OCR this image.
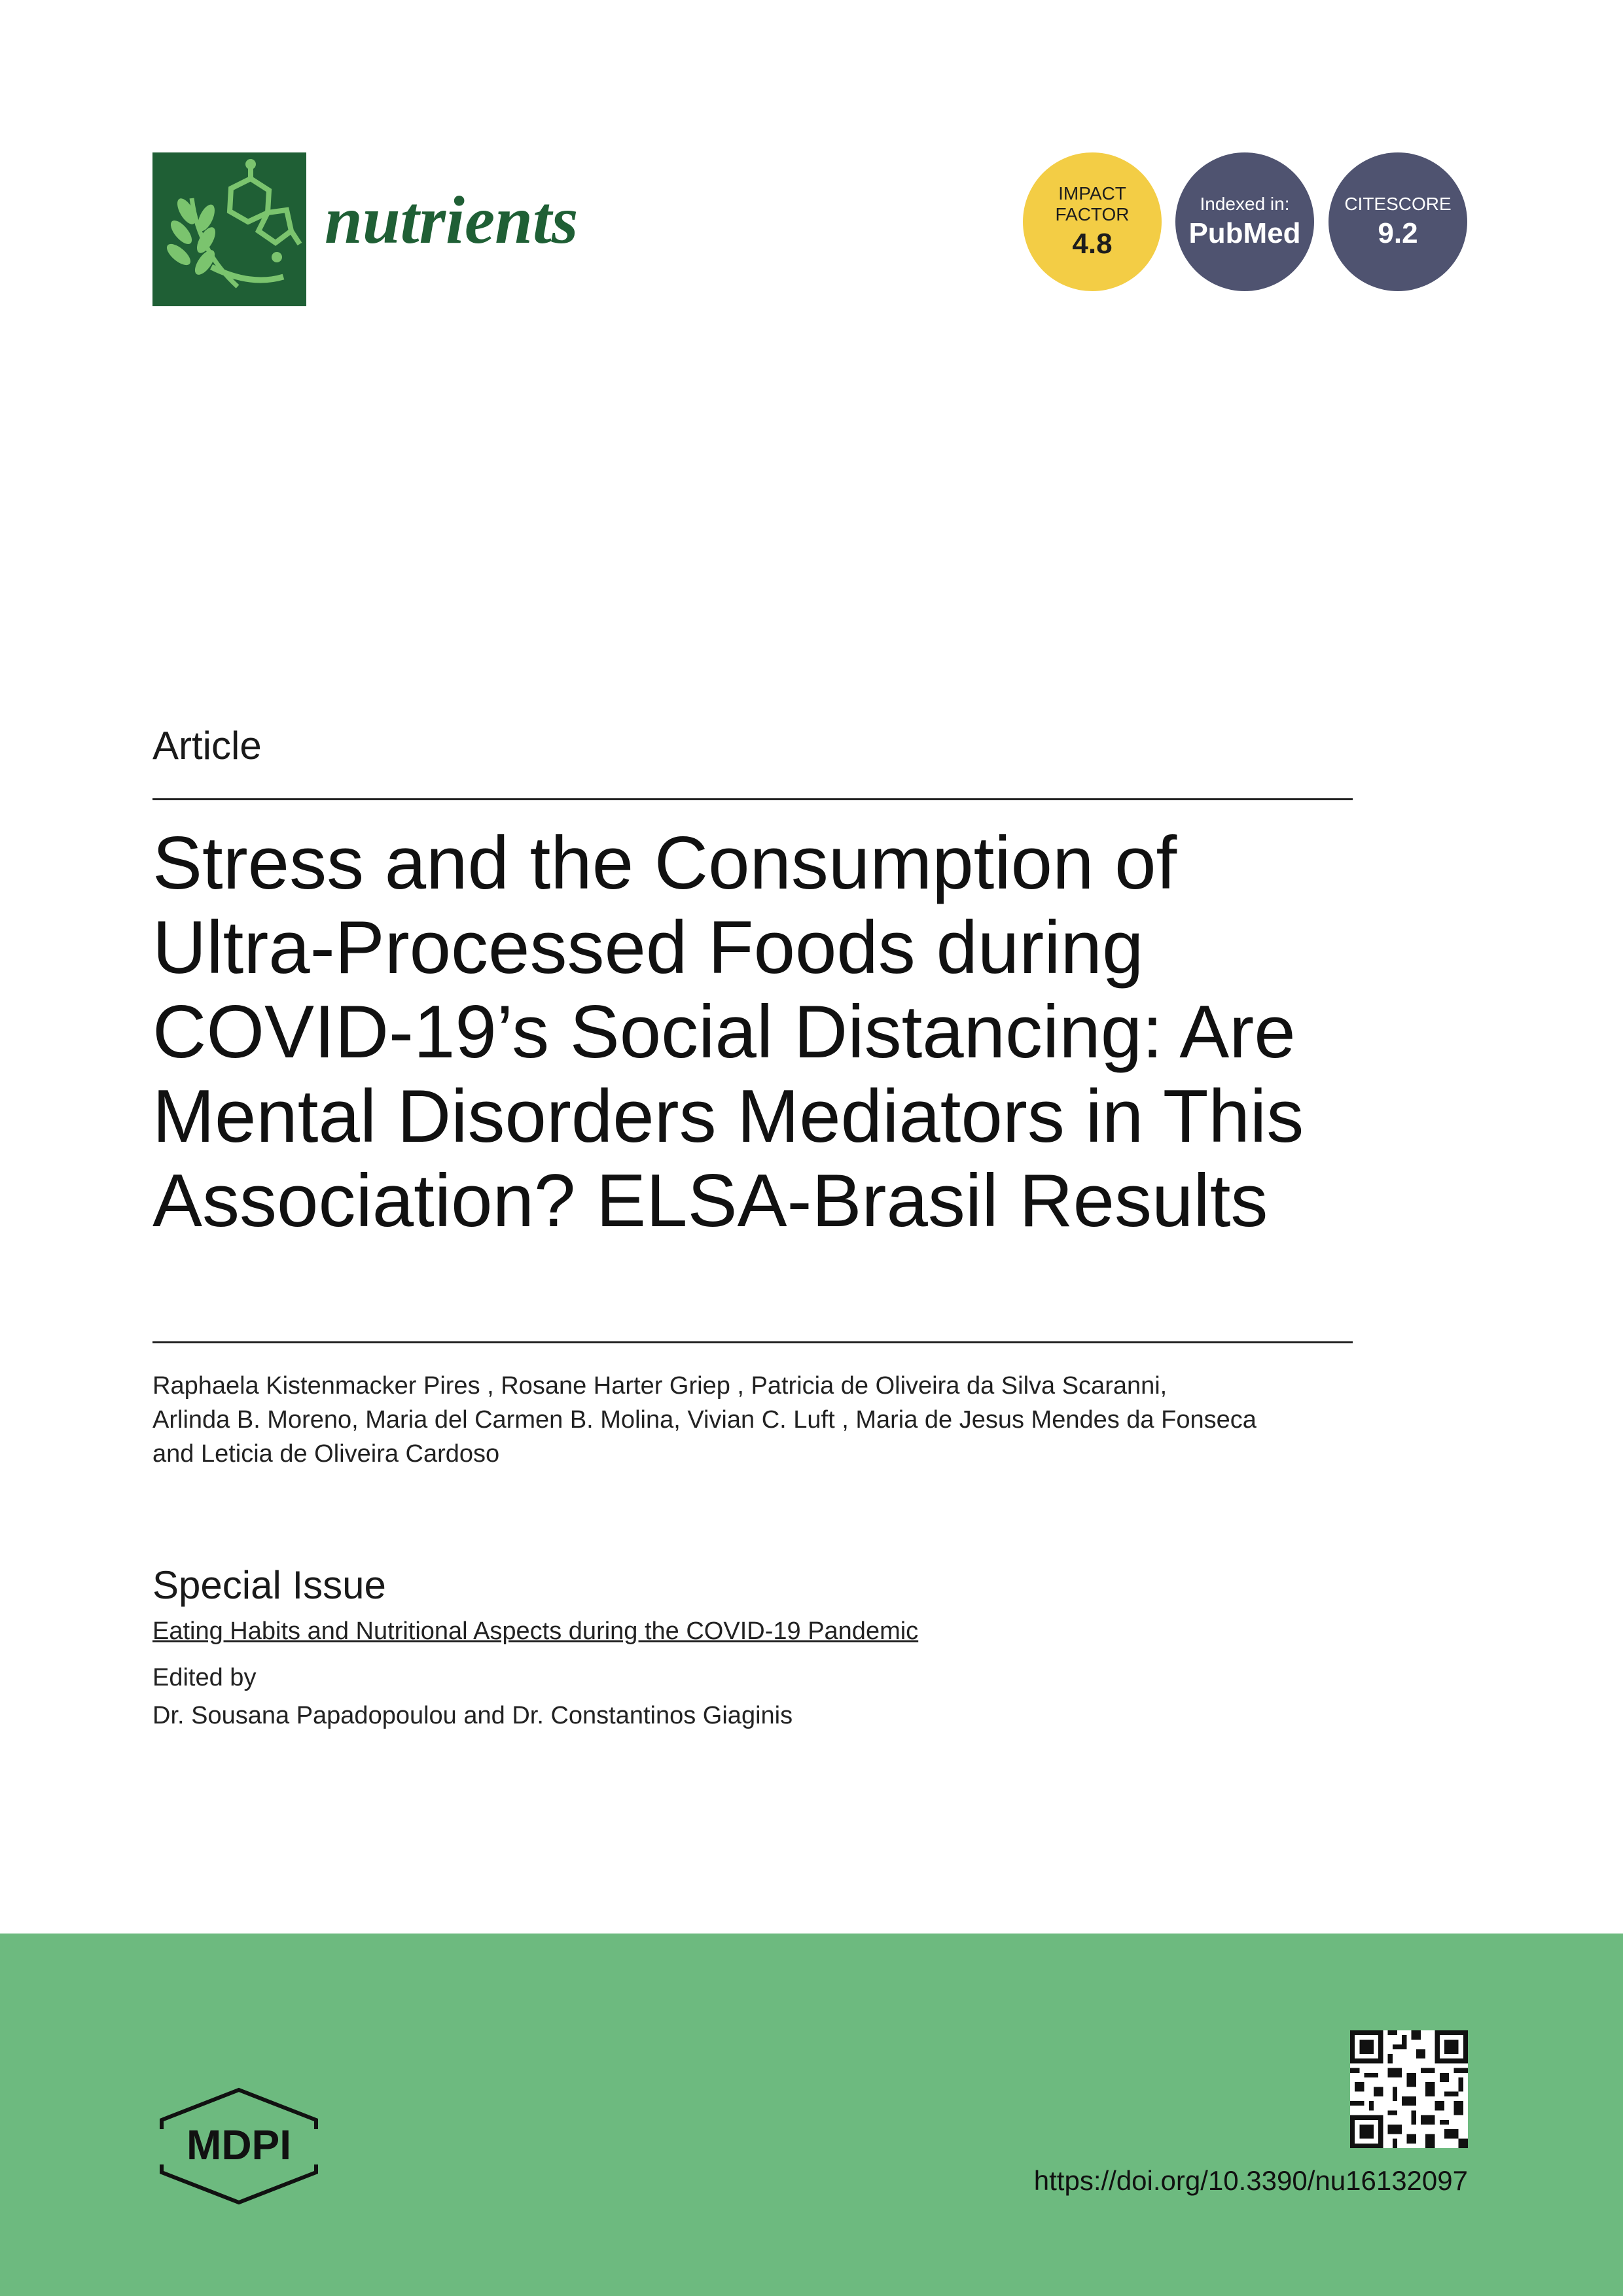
nutrients	IMPACT
FACTOR
4.8
Indexed in:
PubMed
CITESCORE
9.2
Article
Stress and the Consumption of Ultra-Processed Foods during COVID-19’s Social Distancing: Are Mental Disorders Mediators in This Association? ELSA-Brasil Results
Raphaela Kistenmacker Pires , Rosane Harter Griep , Patricia de Oliveira da Silva Scaranni,
Arlinda B. Moreno, Maria del Carmen B. Molina, Vivian C. Luft , Maria de Jesus Mendes da Fonseca
and Leticia de Oliveira Cardoso
Special Issue
Eating Habits and Nutritional Aspects during the COVID-19 Pandemic
Edited by
Dr. Sousana Papadopoulou and Dr. Constantinos Giaginis
MDPI
https://doi.org/10.3390/nu16132097
